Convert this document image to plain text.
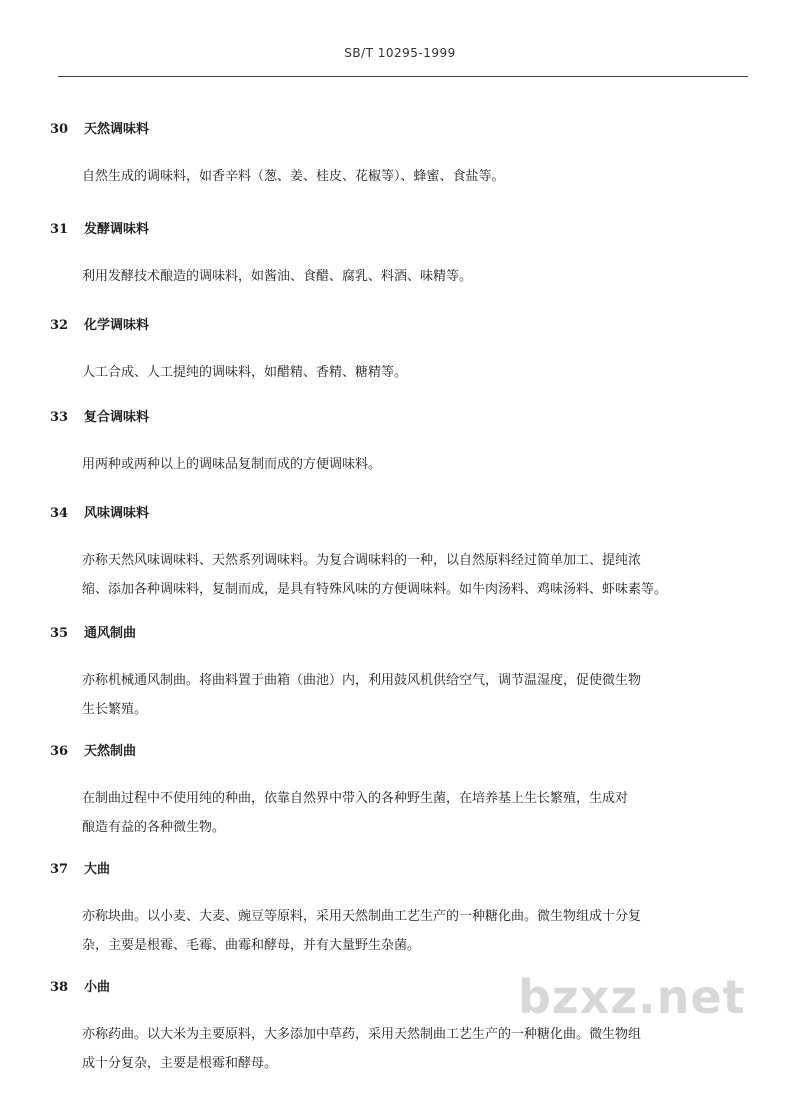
SB/T 10295-1999
30 天然调味料
自然生成的调味料，如香辛料（葱、姜、桂皮、花椒等）、蜂蜜、食盐等。
31 发酵调味料
利用发酵技术酿造的调味料，如酱油、食醋、腐乳、料酒、味精等。
32 化学调味料
人工合成、人工提纯的调味料，如醋精、香精、糖精等。
33 复合调味料
用两种或两种以上的调味品复制而成的方便调味料。
34 风味调味料
亦称天然风味调味料、天然系列调味料。为复合调味料的一种，以自然原料经过简单加工、提纯浓
缩、添加各种调味料，复制而成，是具有特殊风味的方便调味料。如牛肉汤料、鸡味汤料、虾味素等。
35 通风制曲
亦称机械通风制曲。将曲料置于曲箱（曲池）内，利用鼓风机供给空气，调节温湿度，促使微生物
生长繁殖。
36 天然制曲
在制曲过程中不使用纯的种曲，依靠自然界中带入的各种野生菌，在培养基上生长繁殖，生成对
酿造有益的各种微生物。
37 大曲
亦称块曲。以小麦、大麦、豌豆等原料，采用天然制曲工艺生产的一种糖化曲。微生物组成十分复
杂，主要是根霉、毛霉、曲霉和酵母，并有大量野生杂菌。
38 小曲
亦称药曲。以大米为主要原料，大多添加中草药，采用天然制曲工艺生产的一种糖化曲。微生物组
成十分复杂，主要是根霉和酵母。
bzxz.net
